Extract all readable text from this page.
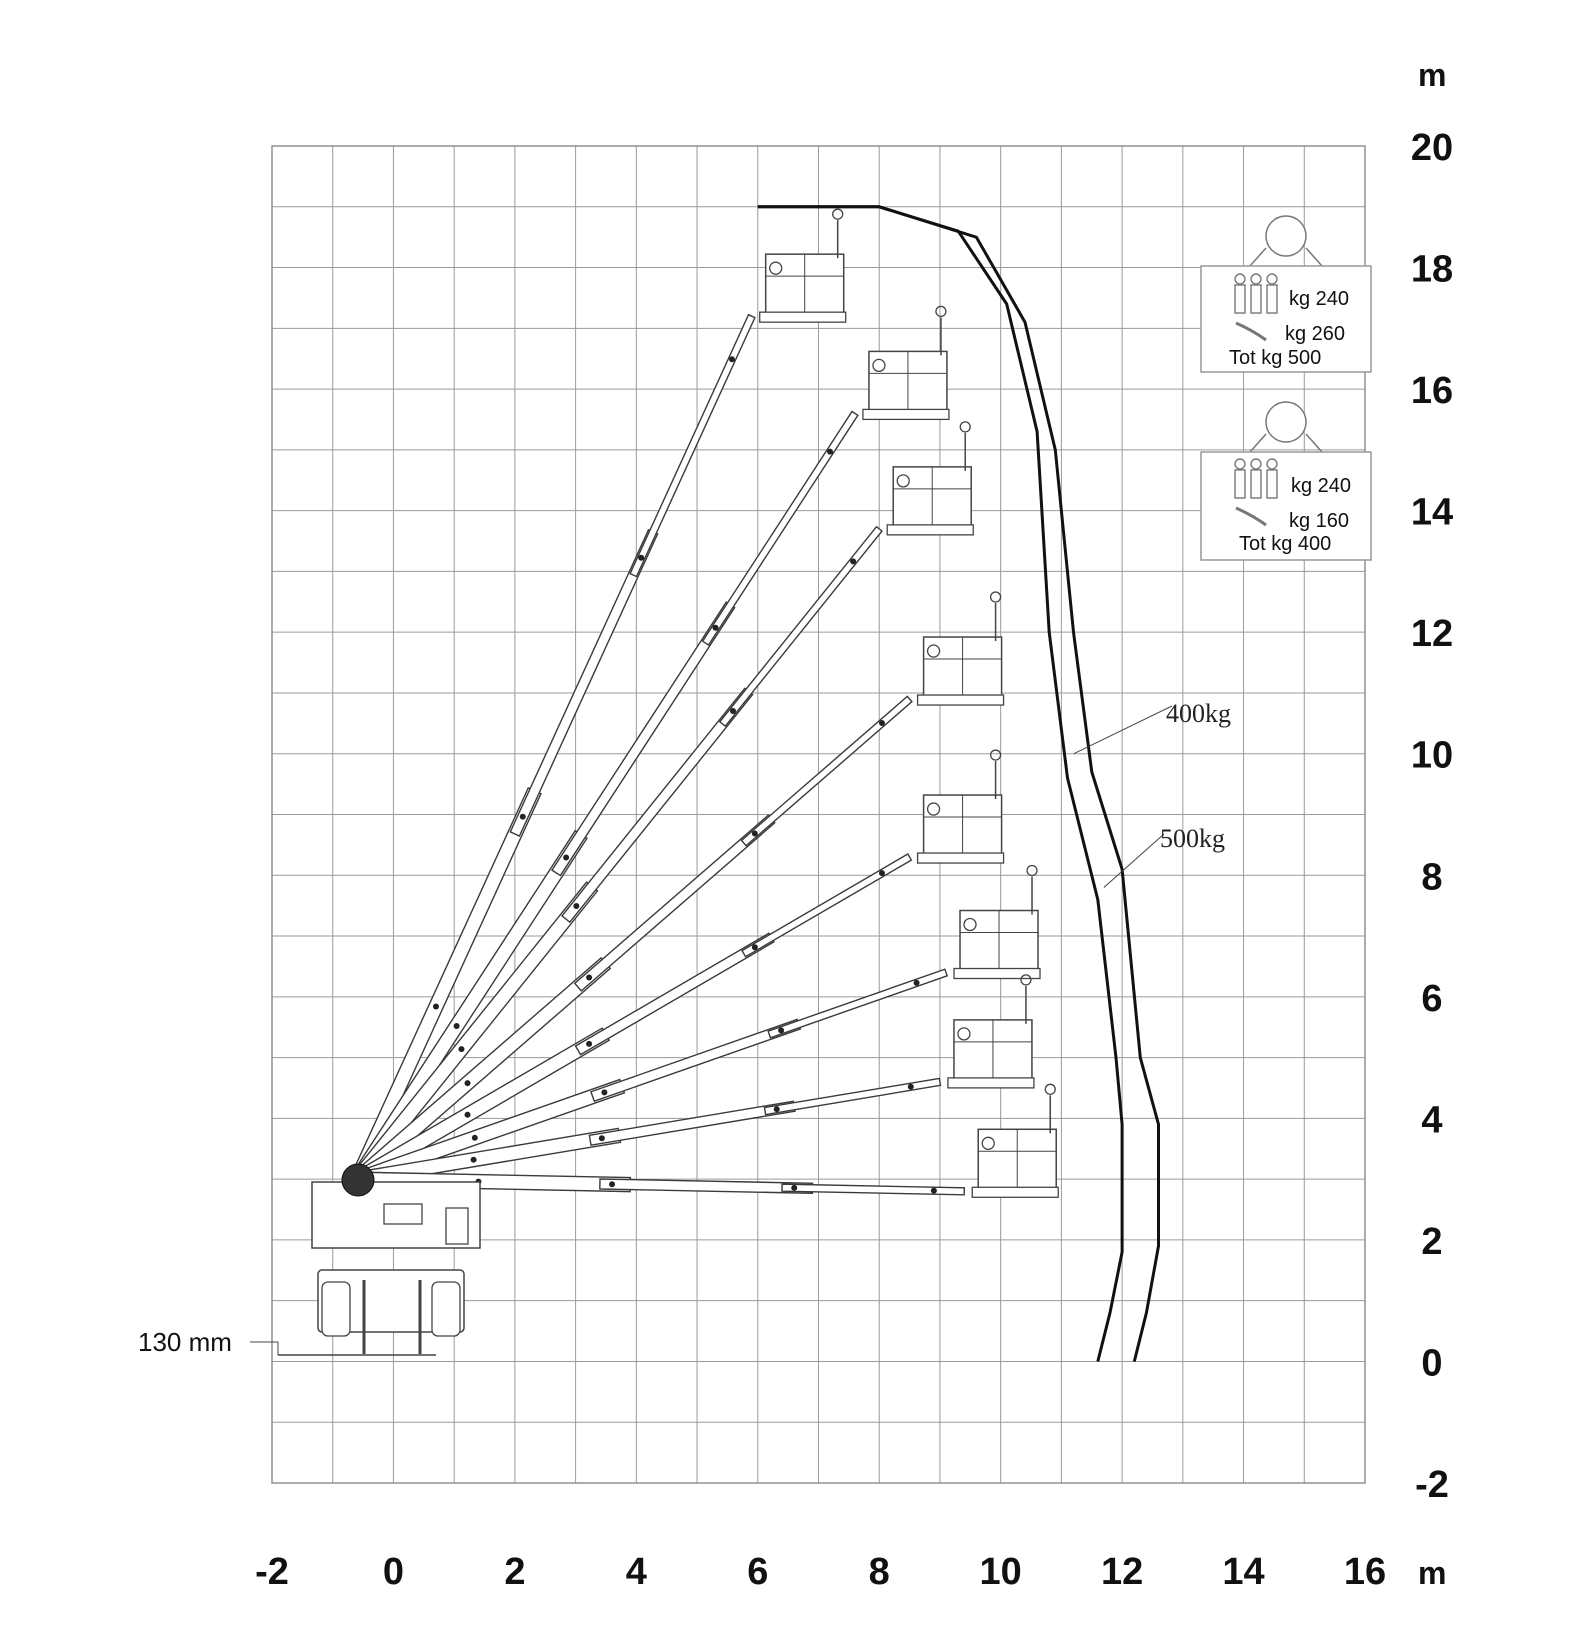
-2 0	2	4	6	8 10 12 14 16
20
18
16
14
12
10
8
6
4
2
0
-2
m
m
130 mm
400kg
500kg
kg 240
kg 260
Tot kg 500
kg 240
kg 160
Tot kg 400
